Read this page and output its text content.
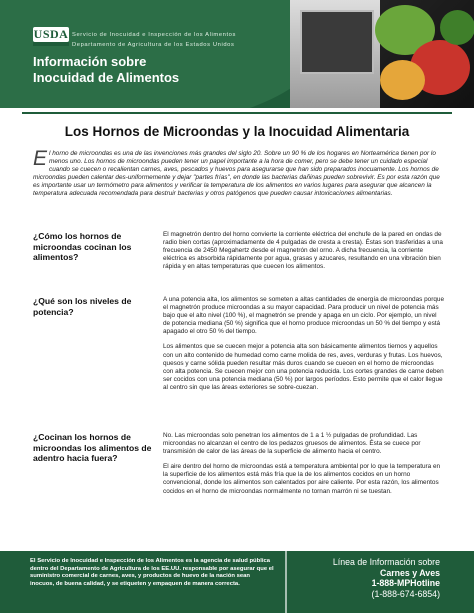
USDA Servicio de Inocuidad e Inspección de los Alimentos
Departamento de Agricultura de los Estados Unidos
Información sobre
Inocuidad de Alimentos
Los Hornos de Microondas y la Inocuidad Alimentaria
El horno de microondas es una de las invenciones más grandes del siglo 20. Sobre un 90 % de los hogares en Norteamérica tienen por lo menos uno. Los hornos de microondas pueden tener un papel importante a la hora de comer, pero se debe tener un cuidado especial cuando se cuecen o recalientan carnes, aves, pescados y huevos para asegurarse que han sido preparados inocuamente. Los hornos de microondas pueden calentar des-uniformemente y dejar "partes frías", en donde las bacterias dañinas pueden sobrevivir. Es por esta razón que es importante usar un termómetro para alimentos y verificar la temperatura de los alimentos en varios lugares para asegurar que alcancen la temperatura adecuada recomendada para destruir bacterias y otros patógenos que pueden causar intoxicaciones alimentarias.
¿Cómo los hornos de microondas cocinan los alimentos?

El magnetrón dentro del horno convierte la corriente eléctrica del enchufe de la pared en ondas de radio bien cortas (aproximadamente de 4 pulgadas de cresta a cresta). Éstas son trasferidas a una frecuencia de 2450 Megahertz desde el magnetrón del orno. A dicha frecuencia, la corriente eléctrica es absorbida rápidamente por agua, grasas y azucares, resultando en una vibración bien rápida y en altas temperaturas que cuecen los alimentos.

¿Qué son los niveles de potencia?

A una potencia alta, los alimentos se someten a altas cantidades de energía de microondas porque el magnetrón produce microondas a su mayor capacidad. Para producir un nivel de potencia más bajo que el alto nivel (100 %), el magnetrón se prende y apaga en un ciclo. Por ejemplo, un nivel de potencia mediana (50 %) significa que el horno produce microondas un 50 % del tiempo y está apagado el otro 50 % del tiempo.

Los alimentos que se cuecen mejor a potencia alta son básicamente alimentos tiernos y aquellos con un alto contenido de humedad como carne molida de res, aves, verduras y frutas. Los huevos, quesos y carne sólida pueden resultar más duros cuando se cuecen en el horno de microondas con alta potencia. Se cuecen mejor con una potencia reducida. Los cortes grandes de carne deben ser cocidos con una potencia mediana (50 %) por largos períodos. Esto permite que el calor llegue al centro sin que las áreas exteriores se sobre-cuezan.

¿Cocinan los hornos de microondas los alimentos de adentro hacia fuera?

No. Las microondas solo penetran los alimentos de 1 a 1 ½ pulgadas de profundidad. Las microondas no alcanzan el centro de los pedazos gruesos de alimentos. Ésta se cuece por transmisión de calor de las áreas de la superficie de alimento hacia el centro.

El aire dentro del horno de microondas está a temperatura ambiental por lo que la temperatura en la superficie de los alimentos está más fría que la de los alimentos cocidos en un horno convencional, donde los alimentos son calentados por aire caliente. Por esta razón, los alimentos cocidos en el horno de microondas normalmente no tornan marrón ni se tuestan.

El Servicio de Inocuidad e Inspección de los Alimentos es la agencia de salud pública dentro del Departamento de Agricultura de los EE.UU. responsable por asegurar que el suministro comercial de carnes, aves, y productos de huevo de la nación sean inocuos, de buena calidad, y se etiqueten y empaquen de manera correcta.
Línea de Información sobre
Carnes y Aves
1-888-MPHotline
(1-888-674-6854)
